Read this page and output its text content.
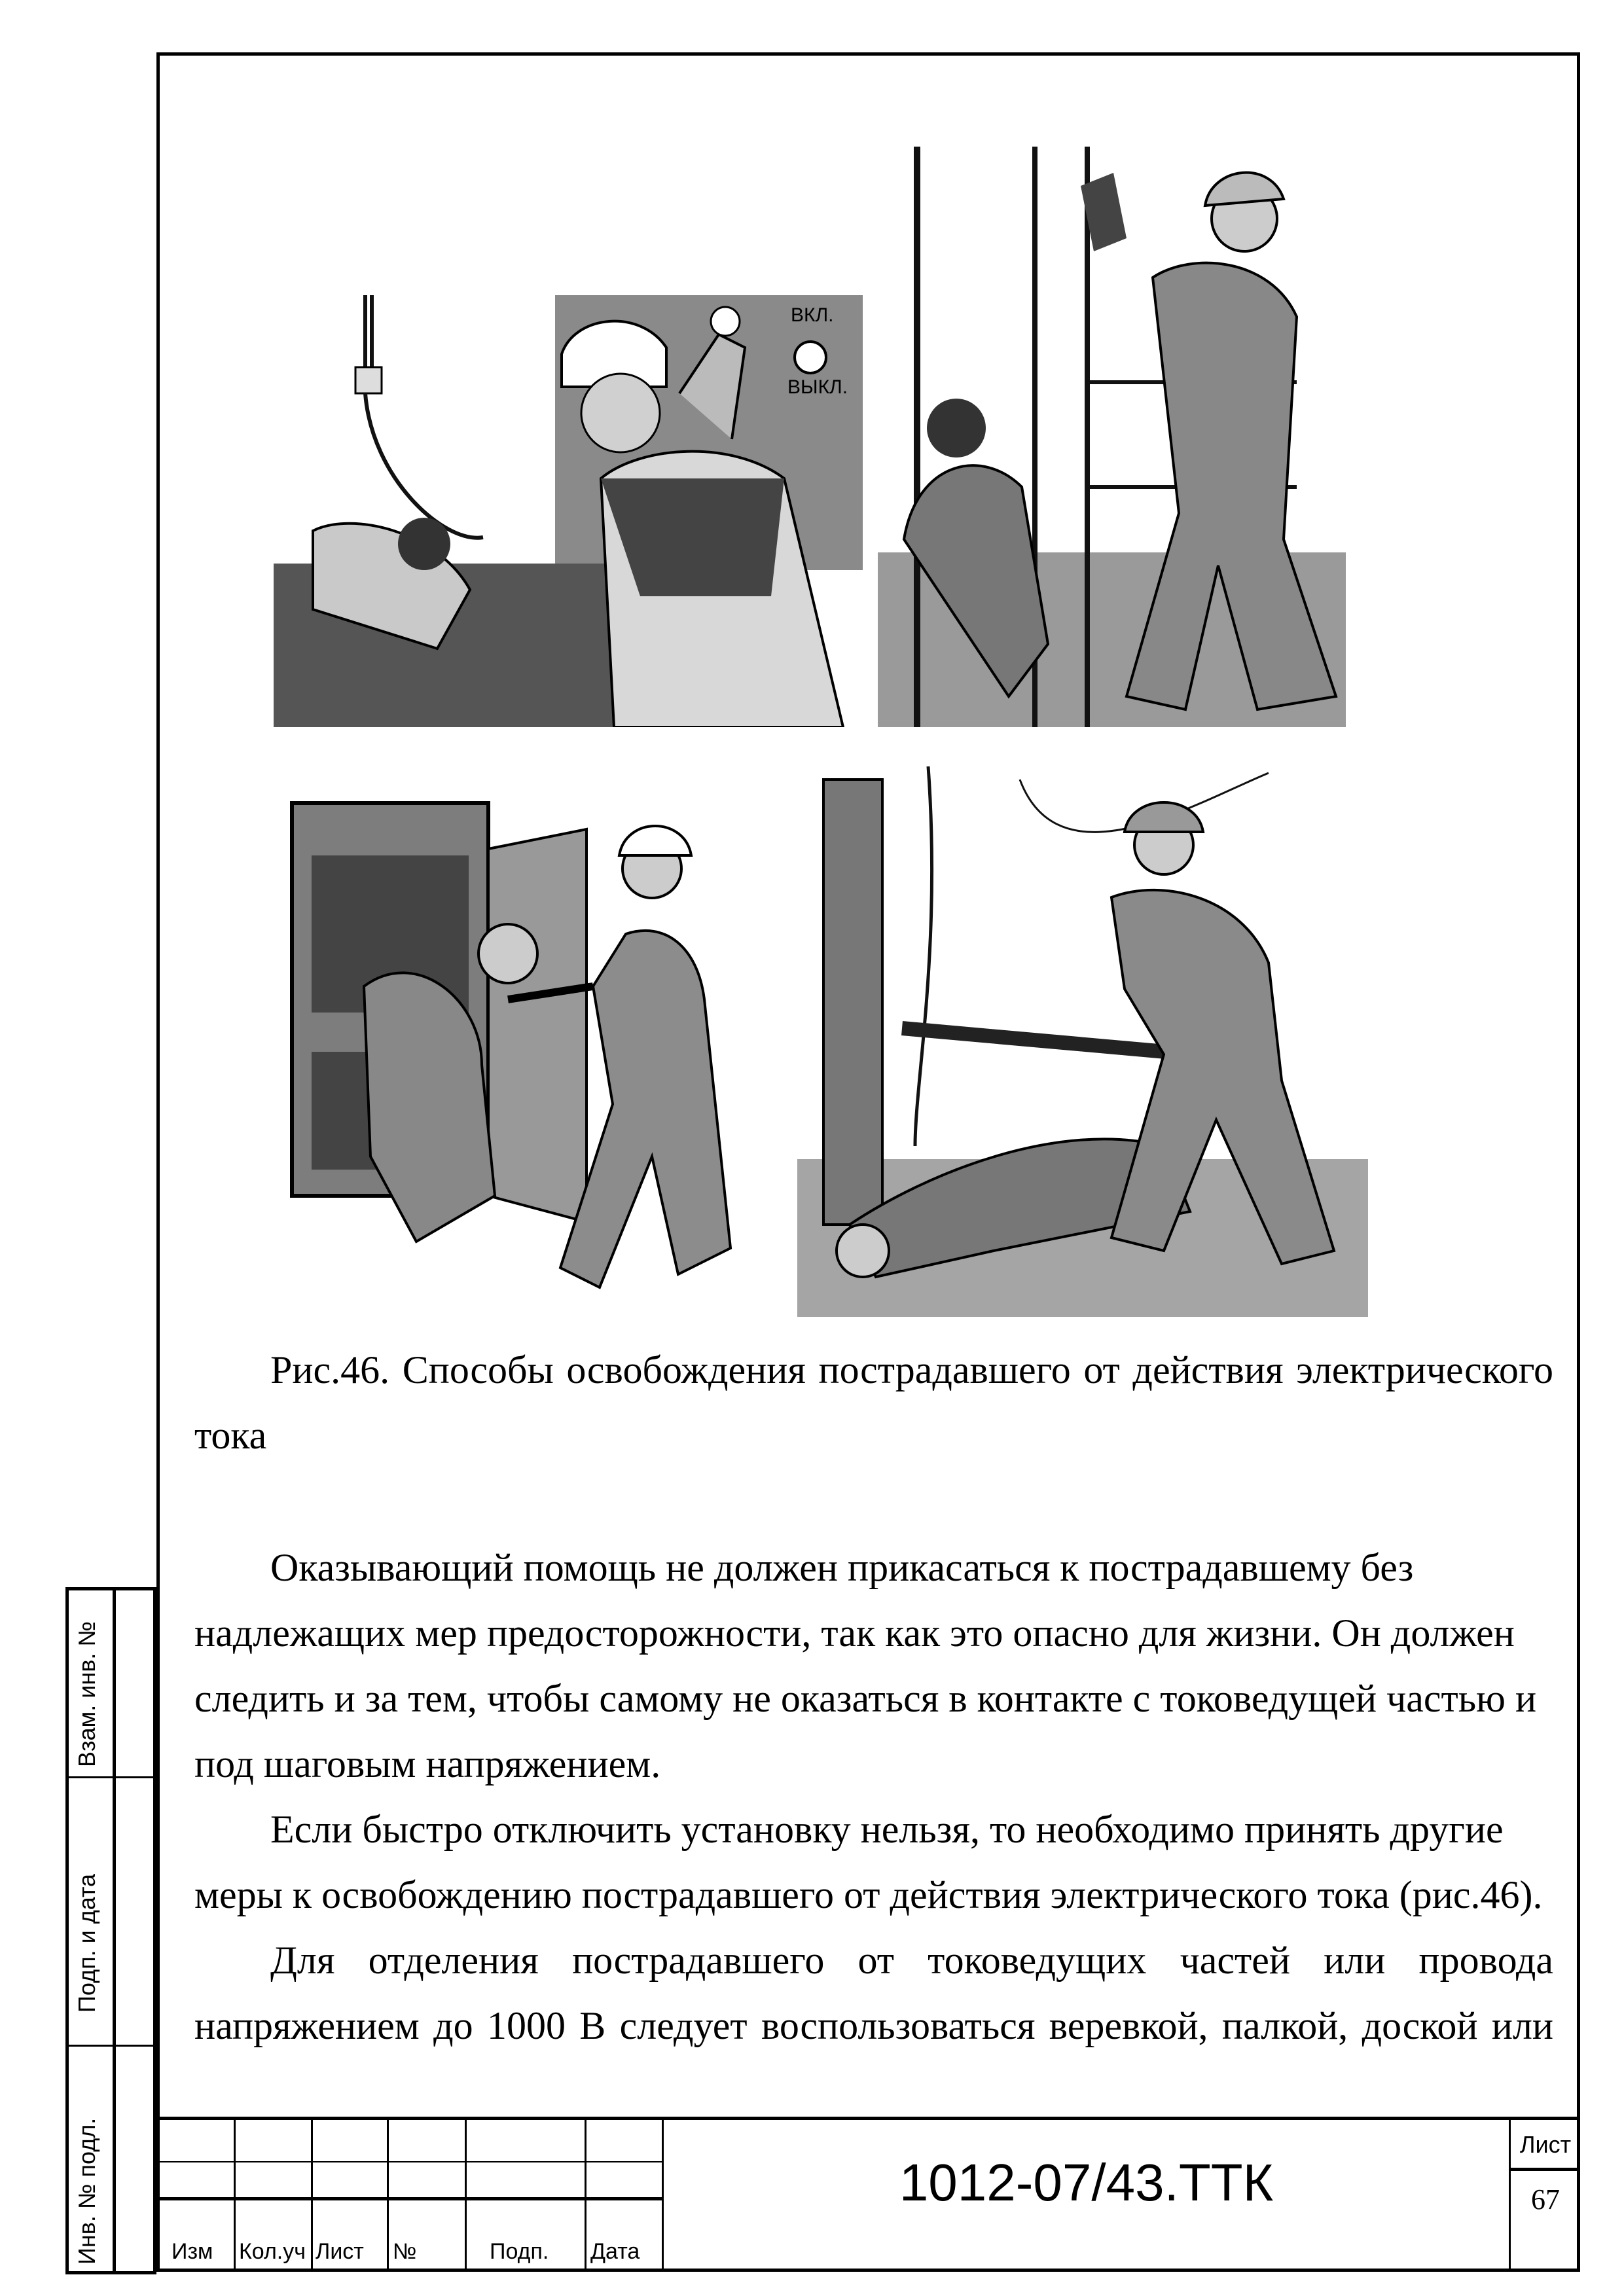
ВКЛ.
ВЫКЛ.
Рис.46. Способы освобождения пострадавшего от действия электрического
тока
Оказывающий помощь не должен прикасаться к пострадавшему без
надлежащих мер предосторожности, так как это опасно для жизни. Он должен
следить и за тем, чтобы самому не оказаться в контакте с токоведущей частью и
под шаговым напряжением.
Если быстро отключить установку нельзя, то необходимо принять другие
меры к освобождению пострадавшего от действия электрического тока (рис.46).
Для отделения пострадавшего от токоведущих частей или провода
напряжением до 1000 В следует воспользоваться веревкой, палкой, доской или
Взам. инв. №
Подп. и дата
Инв. № подл.	Изм Кол.уч Лист №	Подп. Дата
1012-07/43.ТТК
Лист
67
